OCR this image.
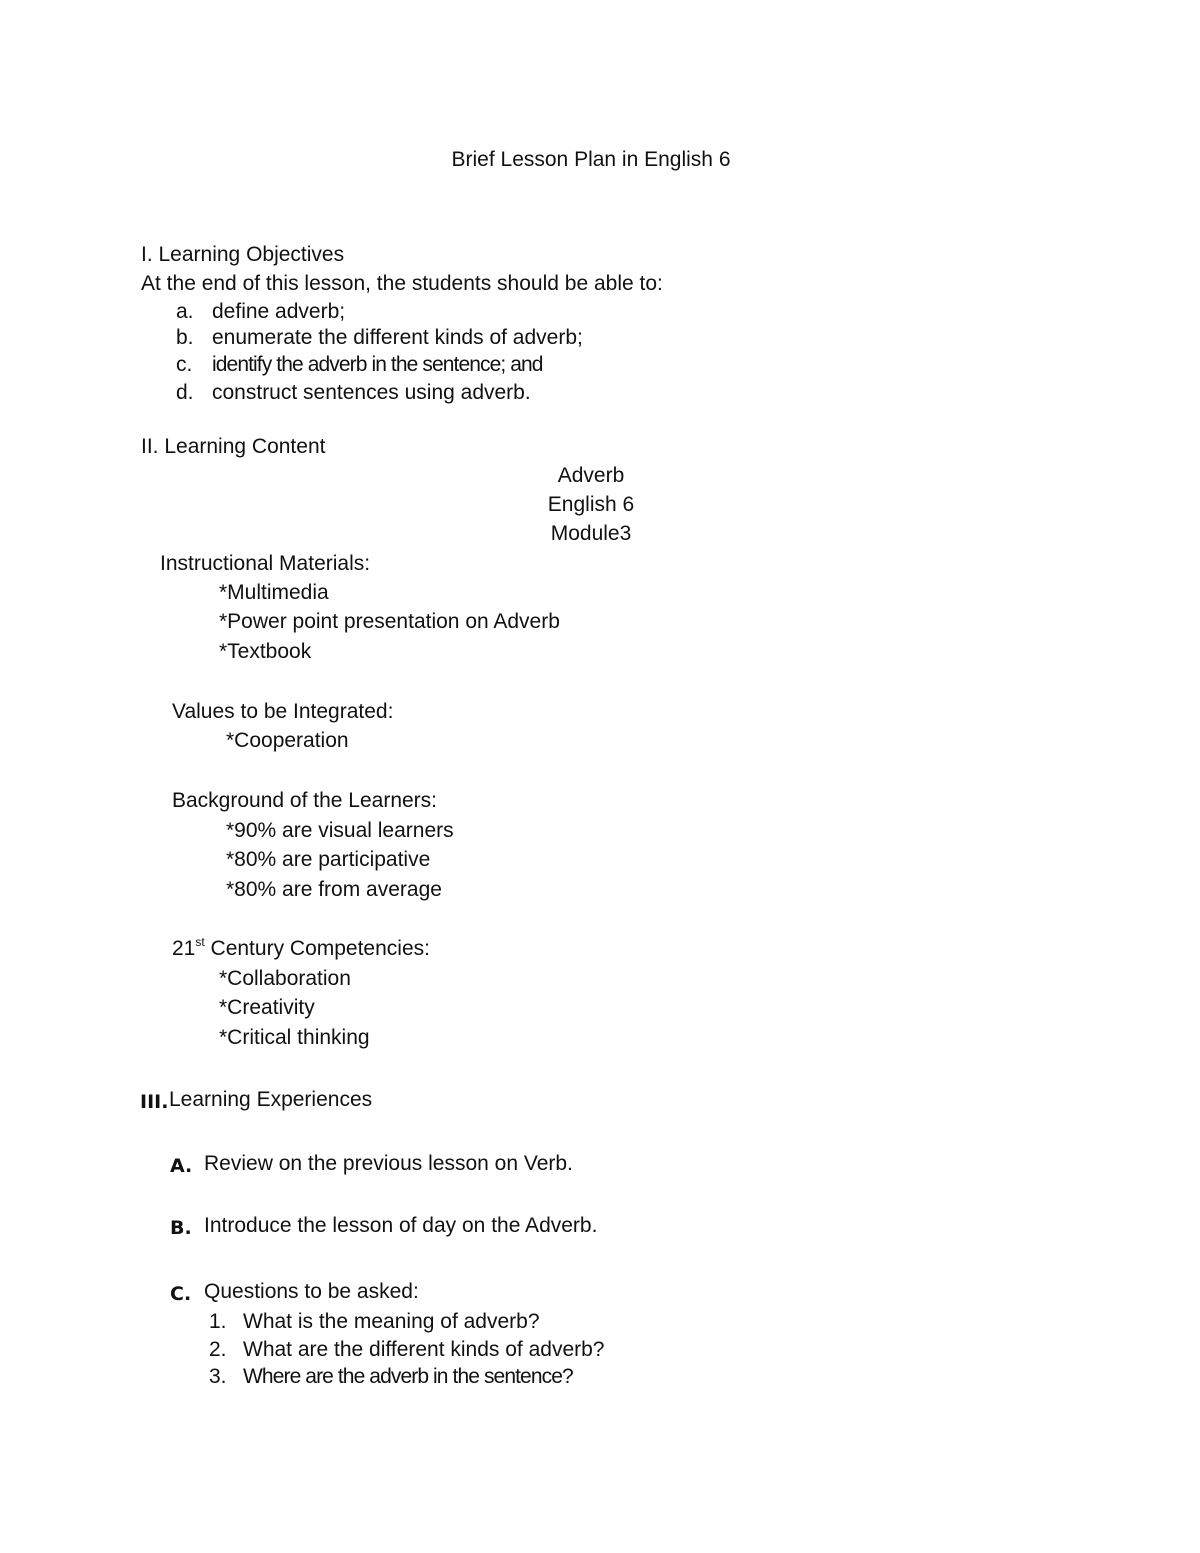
Brief Lesson Plan in English 6
I. Learning Objectives
At the end of this lesson, the students should be able to:
a. define adverb;
b. enumerate the different kinds of adverb;
c. identify the adverb in the sentence; and
d. construct sentences using adverb.
II. Learning Content
Adverb
English 6
Module3
Instructional Materials:
*Multimedia
*Power point presentation on Adverb
*Textbook
Values to be Integrated:
*Cooperation
Background of the Learners:
*90% are visual learners
*80% are participative
*80% are from average
21st Century Competencies:
*Collaboration
*Creativity
*Critical thinking
III. Learning Experiences
A. Review on the previous lesson on Verb.
B. Introduce the lesson of day on the Adverb.
C. Questions to be asked:
1. What is the meaning of adverb?
2. What are the different kinds of adverb?
3. Where are the adverb in the sentence?
